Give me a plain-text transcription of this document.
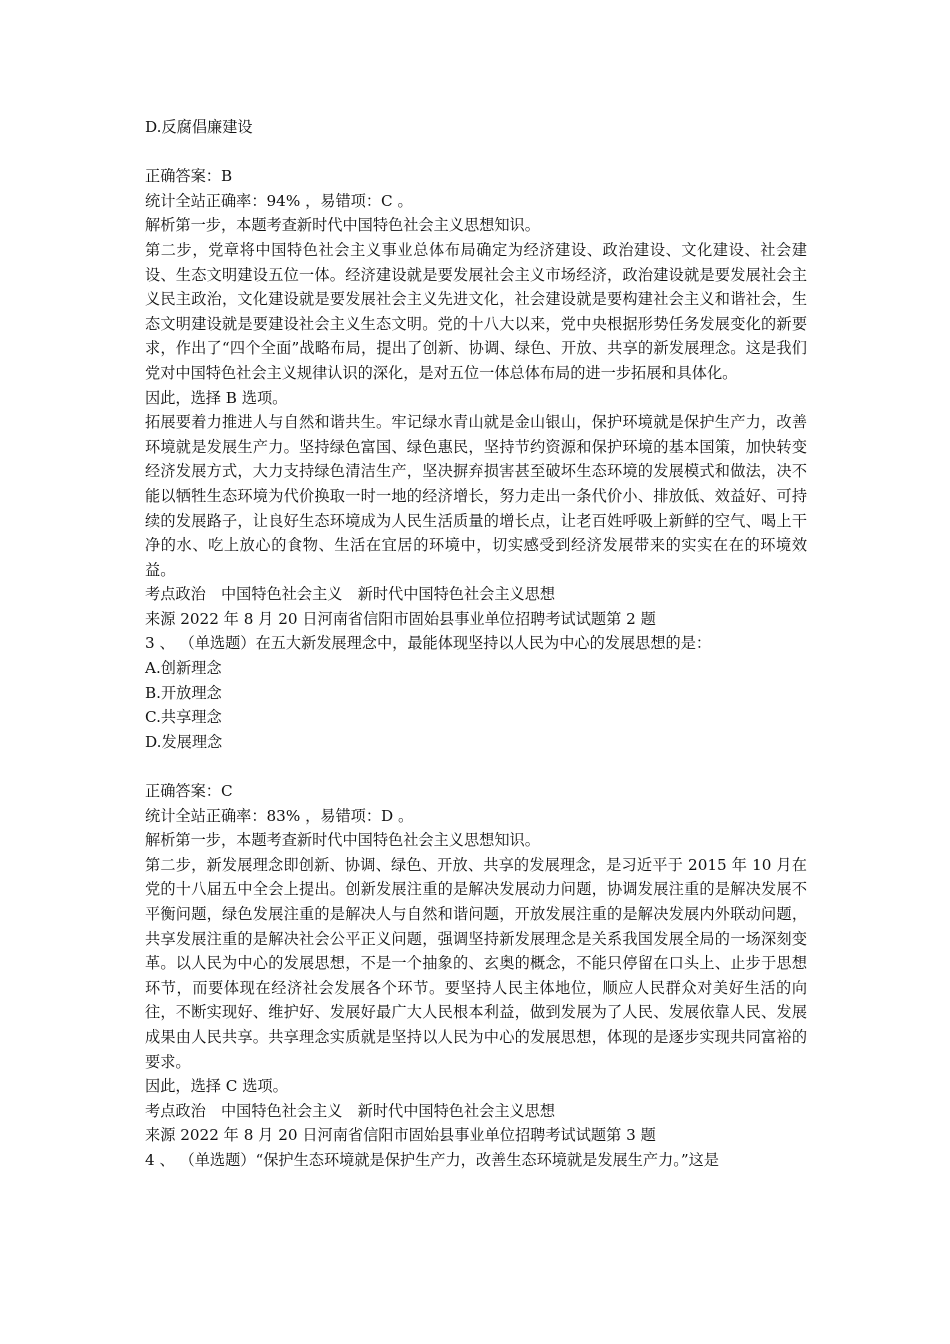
D.反腐倡廉建设

正确答案：B

统计全站正确率：94% ，易错项：C 。

解析第一步，本题考查新时代中国特色社会主义思想知识。

第二步，党章将中国特色社会主义事业总体布局确定为经济建设、政治建设、文化建设、社会建设、生态文明建设五位一体。经济建设就是要发展社会主义市场经济，政治建设就是要发展社会主义民主政治，文化建设就是要发展社会主义先进文化，社会建设就是要构建社会主义和谐社会，生态文明建设就是要建设社会主义生态文明。党的十八大以来，党中央根据形势任务发展变化的新要求，作出了“四个全面”战略布局，提出了创新、协调、绿色、开放、共享的新发展理念。这是我们党对中国特色社会主义规律认识的深化，是对五位一体总体布局的进一步拓展和具体化。

因此，选择 B 选项。

拓展要着力推进人与自然和谐共生。牢记绿水青山就是金山银山，保护环境就是保护生产力，改善环境就是发展生产力。坚持绿色富国、绿色惠民，坚持节约资源和保护环境的基本国策，加快转变经济发展方式，大力支持绿色清洁生产，坚决摒弃损害甚至破坏生态环境的发展模式和做法，决不能以牺牲生态环境为代价换取一时一地的经济增长，努力走出一条代价小、排放低、效益好、可持续的发展路子，让良好生态环境成为人民生活质量的增长点，让老百姓呼吸上新鲜的空气、喝上干净的水、吃上放心的食物、生活在宜居的环境中，切实感受到经济发展带来的实实在在的环境效益。

考点政治　中国特色社会主义　新时代中国特色社会主义思想

来源 2022 年 8 月 20 日河南省信阳市固始县事业单位招聘考试试题第 2 题

3 、 （单选题）在五大新发展理念中，最能体现坚持以人民为中心的发展思想的是：

A.创新理念

B.开放理念

C.共享理念

D.发展理念

正确答案：C

统计全站正确率：83% ，易错项：D 。

解析第一步，本题考查新时代中国特色社会主义思想知识。

第二步，新发展理念即创新、协调、绿色、开放、共享的发展理念，是习近平于 2015 年 10 月在党的十八届五中全会上提出。创新发展注重的是解决发展动力问题，协调发展注重的是解决发展不平衡问题，绿色发展注重的是解决人与自然和谐问题，开放发展注重的是解决发展内外联动问题，共享发展注重的是解决社会公平正义问题，强调坚持新发展理念是关系我国发展全局的一场深刻变革。以人民为中心的发展思想，不是一个抽象的、玄奥的概念，不能只停留在口头上、止步于思想环节，而要体现在经济社会发展各个环节。要坚持人民主体地位，顺应人民群众对美好生活的向往，不断实现好、维护好、发展好最广大人民根本利益，做到发展为了人民、发展依靠人民、发展成果由人民共享。共享理念实质就是坚持以人民为中心的发展思想，体现的是逐步实现共同富裕的要求。

因此，选择 C 选项。

考点政治　中国特色社会主义　新时代中国特色社会主义思想

来源 2022 年 8 月 20 日河南省信阳市固始县事业单位招聘考试试题第 3 题

4 、 （单选题）“保护生态环境就是保护生产力，改善生态环境就是发展生产力。”这是
